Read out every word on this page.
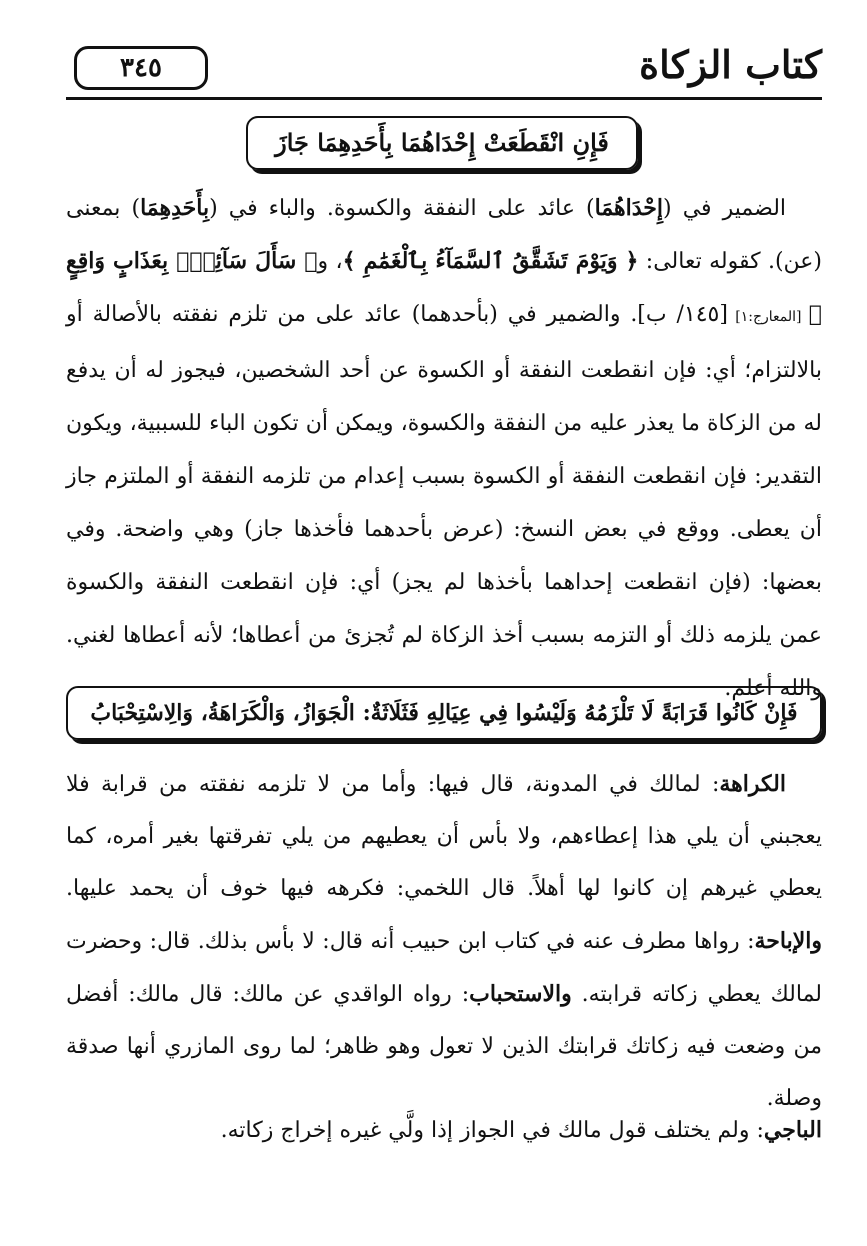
٣٤٥	كتاب الزكاة
فَإِنِ انْقَطَعَتْ إِحْدَاهُمَا بِأَحَدِهِمَا جَازَ

الضمير في (إِحْدَاهُمَا) عائد على النفقة والكسوة. والباء في (بِأَحَدِهِمَا) بمعنى (عن). كقوله تعالى: ﴿ وَيَوْمَ تَشَقَّقُ ٱلسَّمَآءُ بِٱلْغَمَٰمِ ﴾، و﴿ سَأَلَ سَآئِلٌۢ بِعَذَابٍ وَاقِعٍ ﴾ [المعارج:١] [١٤٥/ ب]. والضمير في (بأحدهما) عائد على من تلزم نفقته بالأصالة أو بالالتزام؛ أي: فإن انقطعت النفقة أو الكسوة عن أحد الشخصين، فيجوز له أن يدفع له من الزكاة ما يعذر عليه من النفقة والكسوة، ويمكن أن تكون الباء للسببية، ويكون التقدير: فإن انقطعت النفقة أو الكسوة بسبب إعدام من تلزمه النفقة أو الملتزم جاز أن يعطى. ووقع في بعض النسخ: (عرض بأحدهما فأخذها جاز) وهي واضحة. وفي بعضها: (فإن انقطعت إحداهما بأخذها لم يجز) أي: فإن انقطعت النفقة والكسوة عمن يلزمه ذلك أو التزمه بسبب أخذ الزكاة لم تُجزئ من أعطاها؛ لأنه أعطاها لغني. والله أعلم.

فَإِنْ كَانُوا قَرَابَةً لَا تَلْزَمُهُ وَلَيْسُوا فِي عِيَالِهِ فَثَلَاثَةٌ: الْجَوَازُ، وَالْكَرَاهَةُ، وَالِاسْتِحْبَابُ

الكراهة: لمالك في المدونة، قال فيها: وأما من لا تلزمه نفقته من قرابة فلا يعجبني أن يلي هذا إعطاءهم، ولا بأس أن يعطيهم من يلي تفرقتها بغير أمره، كما يعطي غيرهم إن كانوا لها أهلاً. قال اللخمي: فكرهه فيها خوف أن يحمد عليها. والإباحة: رواها مطرف عنه في كتاب ابن حبيب أنه قال: لا بأس بذلك. قال: وحضرت لمالك يعطي زكاته قرابته. والاستحباب: رواه الواقدي عن مالك: قال مالك: أفضل من وضعت فيه زكاتك قرابتك الذين لا تعول وهو ظاهر؛ لما روى المازري أنها صدقة وصلة.

الباجي: ولم يختلف قول مالك في الجواز إذا ولَّي غيره إخراج زكاته.
